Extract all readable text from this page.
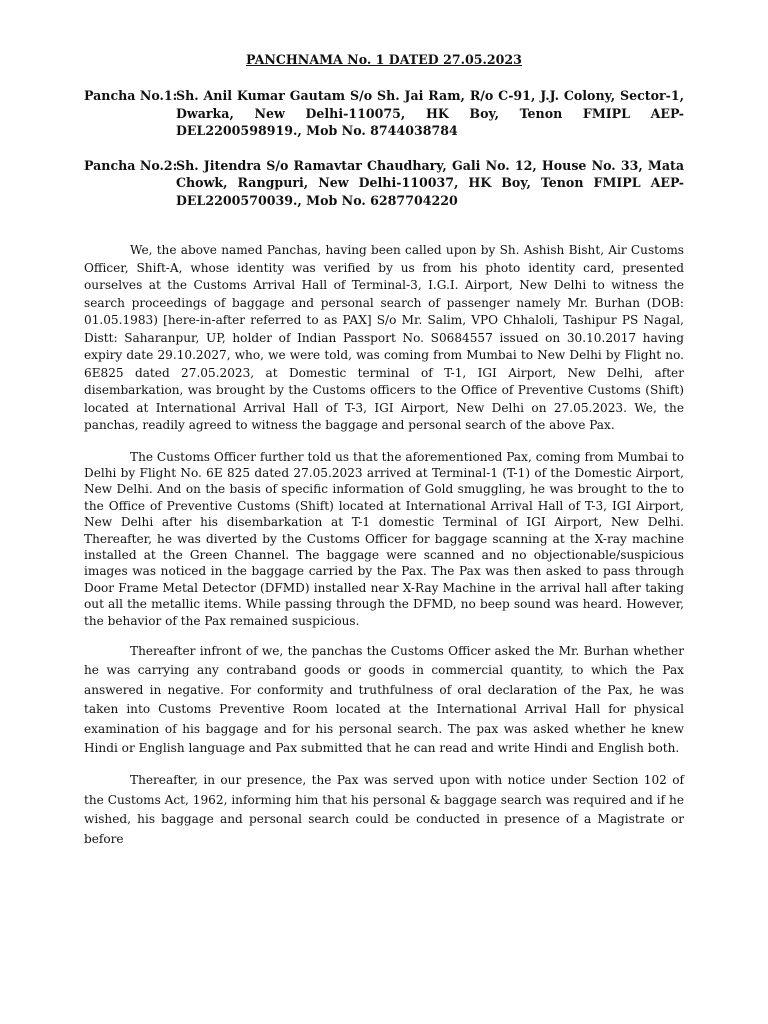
PANCHNAMA No. 1 DATED 27.05.2023
Pancha No.1:
Sh. Anil Kumar Gautam S/o Sh. Jai Ram, R/o C-91, J.J. Colony, Sector-1, Dwarka, New Delhi-110075, HK Boy, Tenon FMIPL AEP-DEL2200598919., Mob No. 8744038784
Pancha No.2:
Sh. Jitendra S/o Ramavtar Chaudhary, Gali No. 12, House No. 33, Mata Chowk, Rangpuri, New Delhi-110037, HK Boy, Tenon FMIPL AEP-DEL2200570039., Mob No. 6287704220

We, the above named Panchas, having been called upon by Sh. Ashish Bisht, Air Customs Officer, Shift-A, whose identity was verified by us from his photo identity card, presented ourselves at the Customs Arrival Hall of Terminal-3, I.G.I. Airport, New Delhi to witness the search proceedings of baggage and personal search of passenger namely Mr. Burhan (DOB: 01.05.1983) [here-in-after referred to as PAX] S/o Mr. Salim, VPO Chhaloli, Tashipur PS Nagal, Distt: Saharanpur, UP, holder of Indian Passport No. S0684557 issued on 30.10.2017 having expiry date 29.10.2027, who, we were told, was coming from Mumbai to New Delhi by Flight no. 6E825 dated 27.05.2023, at Domestic terminal of T-1, IGI Airport, New Delhi, after disembarkation, was brought by the Customs officers to the Office of Preventive Customs (Shift) located at International Arrival Hall of T-3, IGI Airport, New Delhi on 27.05.2023. We, the panchas, readily agreed to witness the baggage and personal search of the above Pax.

The Customs Officer further told us that the aforementioned Pax, coming from Mumbai to Delhi by Flight No. 6E 825 dated 27.05.2023 arrived at Terminal-1 (T-1) of the Domestic Airport, New Delhi. And on the basis of specific information of Gold smuggling, he was brought to the to the Office of Preventive Customs (Shift) located at International Arrival Hall of T-3, IGI Airport, New Delhi after his disembarkation at T-1 domestic Terminal of IGI Airport, New Delhi. Thereafter, he was diverted by the Customs Officer for baggage scanning at the X-ray machine installed at the Green Channel. The baggage were scanned and no objectionable/suspicious images was noticed in the baggage carried by the Pax. The Pax was then asked to pass through Door Frame Metal Detector (DFMD) installed near X-Ray Machine in the arrival hall after taking out all the metallic items. While passing through the DFMD, no beep sound was heard. However, the behavior of the Pax remained suspicious.

Thereafter infront of we, the panchas the Customs Officer asked the Mr. Burhan whether he was carrying any contraband goods or goods in commercial quantity, to which the Pax answered in negative. For conformity and truthfulness of oral declaration of the Pax, he was taken into Customs Preventive Room located at the International Arrival Hall for physical examination of his baggage and for his personal search. The pax was asked whether he knew Hindi or English language and Pax submitted that he can read and write Hindi and English both.

Thereafter, in our presence, the Pax was served upon with notice under Section 102 of the Customs Act, 1962, informing him that his personal & baggage search was required and if he wished, his baggage and personal search could be conducted in presence of a Magistrate or before
